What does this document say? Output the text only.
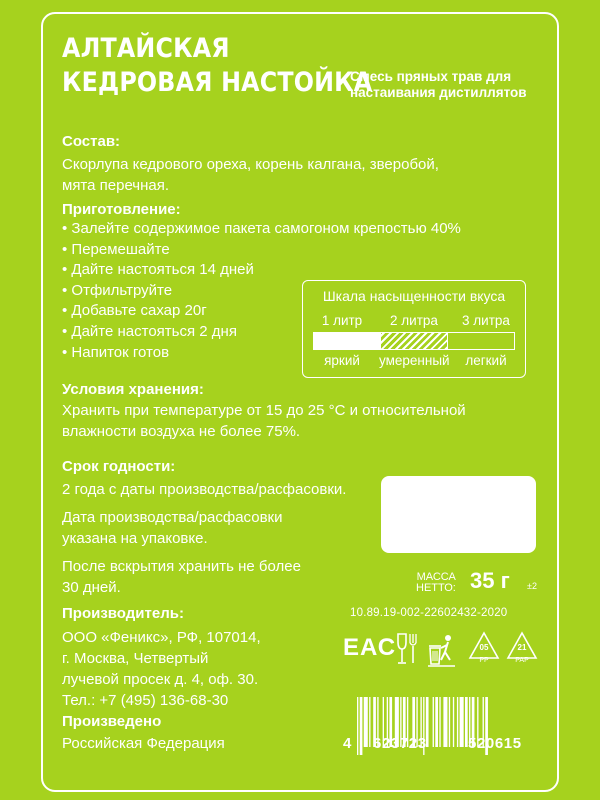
АЛТАЙСКАЯ
КЕДРОВАЯ НАСТОЙКА
Смесь пряных трав для
настаивания дистиллятов
Состав:
Скорлупа кедрового ореха, корень калгана, зверобой,
мята перечная.
Приготовление:
• Залейте содержимое пакета самогоном крепостью 40%
• Перемешайте
• Дайте настояться 14 дней
• Отфильтруйте
• Добавьте сахар 20г
• Дайте настояться 2 дня
• Напиток готов
Шкала насыщенности вкуса
1 литр	2 литра	3 литра
яркий	умеренный	легкий
Условия хранения:
Хранить при температуре от 15 до 25 °С и относительной
влажности воздуха не более 75%.
Срок годности:
2 года с даты производства/расфасовки.
Дата производства/расфасовки
указана на упаковке.
После вскрытия хранить не более
30 дней.
МАССА
НЕТТО: 35 г ±2
10.89.19-002-22602432-2020
Производитель:
ООО «Феникс», РФ, 107014,
г. Москва, Четвертый
лучевой просек д. 4, оф. 30.
Тел.: +7 (495) 136-68-30
Произведено
Российская Федерация
ЕАС	05
PP
21
PAP
4 623723	520615
